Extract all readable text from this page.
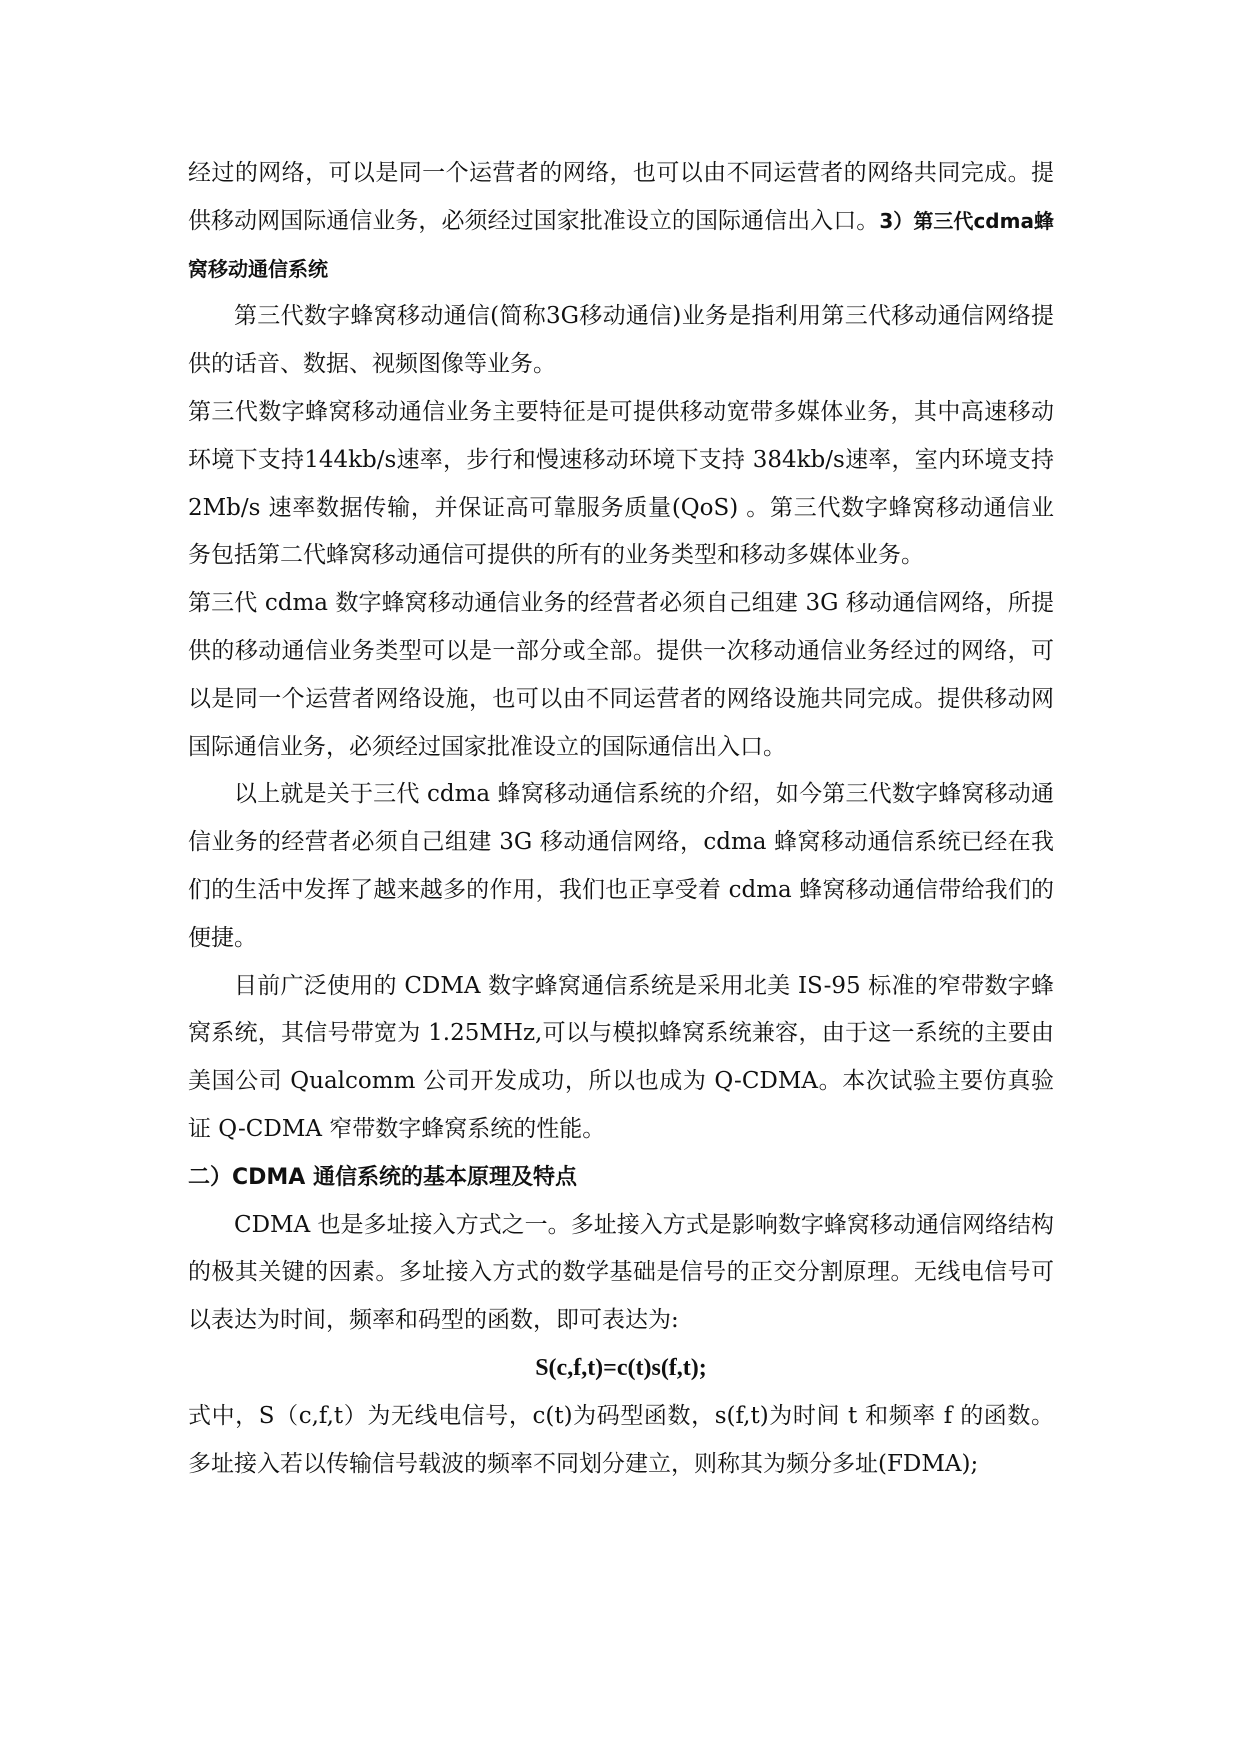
经过的网络，可以是同一个运营者的网络，也可以由不同运营者的网络共同完成。提供移动网国际通信业务，必须经过国家批准设立的国际通信出入口。3）第三代cdma蜂窝移动通信系统

第三代数字蜂窝移动通信(简称3G移动通信)业务是指利用第三代移动通信网络提供的话音、数据、视频图像等业务。

第三代数字蜂窝移动通信业务主要特征是可提供移动宽带多媒体业务，其中高速移动环境下支持144kb/s速率，步行和慢速移动环境下支持 384kb/s速率，室内环境支持 2Mb/s 速率数据传输，并保证高可靠服务质量(QoS) 。第三代数字蜂窝移动通信业务包括第二代蜂窝移动通信可提供的所有的业务类型和移动多媒体业务。

第三代 cdma 数字蜂窝移动通信业务的经营者必须自己组建 3G 移动通信网络，所提供的移动通信业务类型可以是一部分或全部。提供一次移动通信业务经过的网络，可以是同一个运营者网络设施，也可以由不同运营者的网络设施共同完成。提供移动网国际通信业务，必须经过国家批准设立的国际通信出入口。

以上就是关于三代 cdma 蜂窝移动通信系统的介绍，如今第三代数字蜂窝移动通信业务的经营者必须自己组建 3G 移动通信网络，cdma 蜂窝移动通信系统已经在我们的生活中发挥了越来越多的作用，我们也正享受着 cdma 蜂窝移动通信带给我们的便捷。

目前广泛使用的 CDMA 数字蜂窝通信系统是采用北美 IS-95 标准的窄带数字蜂窝系统，其信号带宽为 1.25MHz,可以与模拟蜂窝系统兼容，由于这一系统的主要由美国公司 Qualcomm 公司开发成功，所以也成为 Q-CDMA。本次试验主要仿真验证 Q-CDMA 窄带数字蜂窝系统的性能。

二）CDMA 通信系统的基本原理及特点

CDMA 也是多址接入方式之一。多址接入方式是影响数字蜂窝移动通信网络结构的极其关键的因素。多址接入方式的数学基础是信号的正交分割原理。无线电信号可以表达为时间，频率和码型的函数，即可表达为:

S(c,f,t)=c(t)s(f,t);

式中，S（c,f,t）为无线电信号，c(t)为码型函数，s(f,t)为时间 t 和频率 f 的函数。多址接入若以传输信号载波的频率不同划分建立，则称其为频分多址(FDMA);
